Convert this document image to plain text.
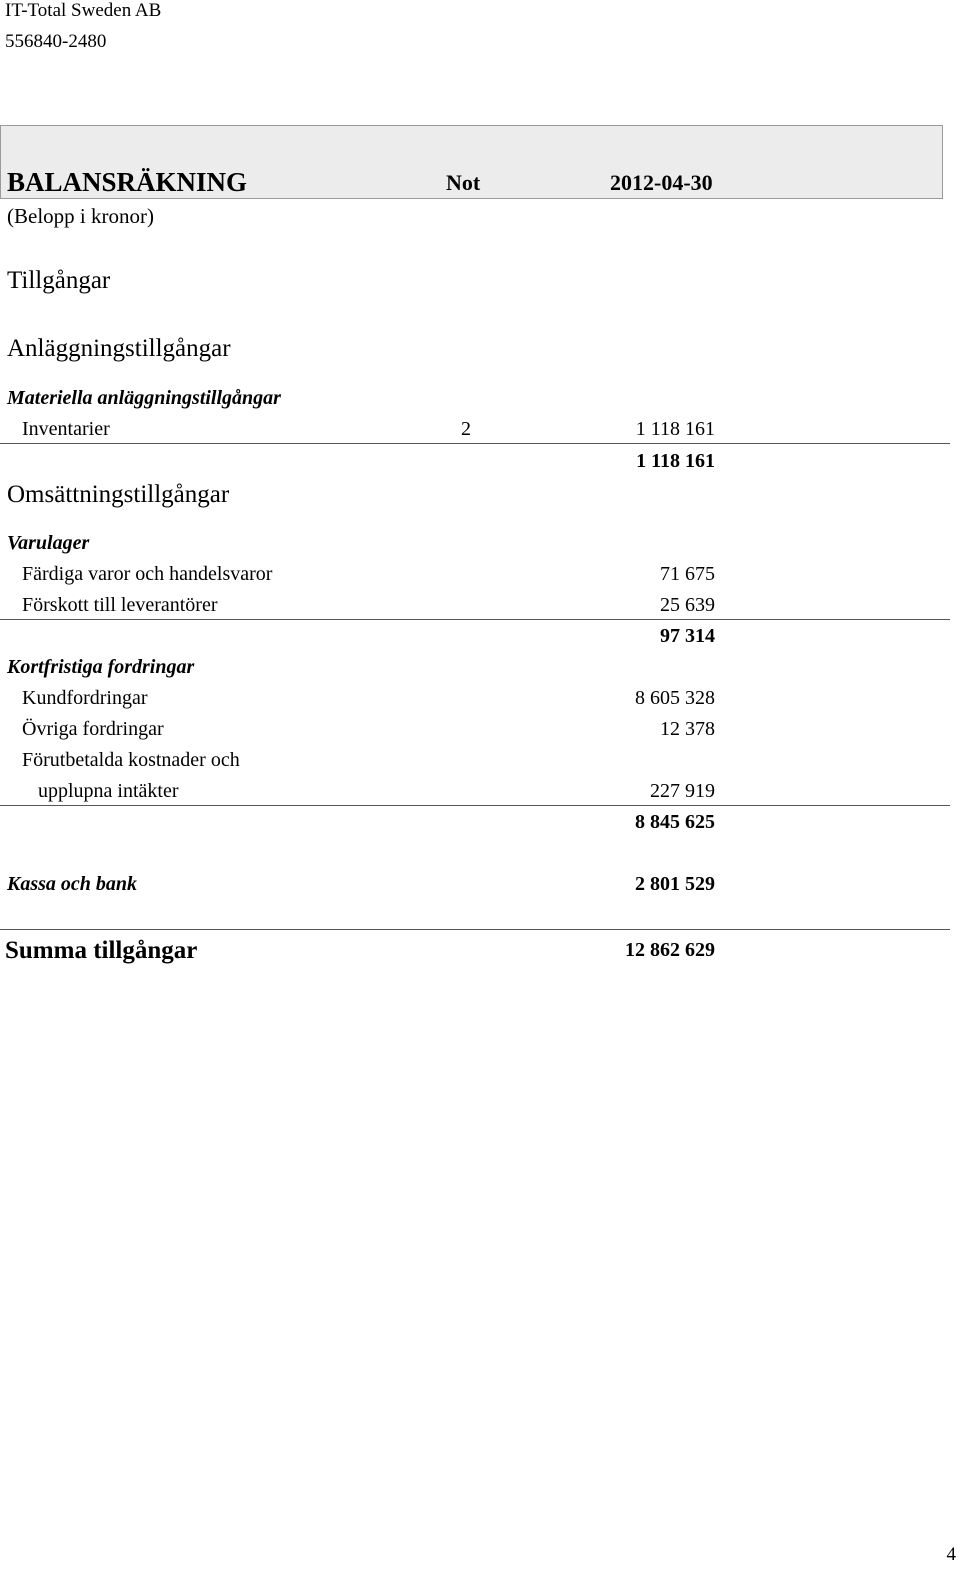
IT-Total Sweden AB
556840-2480
BALANSRÄKNING	Not	2012-04-30
(Belopp i kronor)
Tillgångar
Anläggningstillgångar
Materiella anläggningstillgångar
Inventarier	2	1 118 161
1 118 161
Omsättningstillgångar
Varulager
Färdiga varor och handelsvaror	71 675
Förskott till leverantörer	25 639
97 314
Kortfristiga fordringar
Kundfordringar	8 605 328
Övriga fordringar	12 378
Förutbetalda kostnader och
upplupna intäkter	227 919
8 845 625
Kassa och bank	2 801 529
Summa tillgångar	12 862 629
4
